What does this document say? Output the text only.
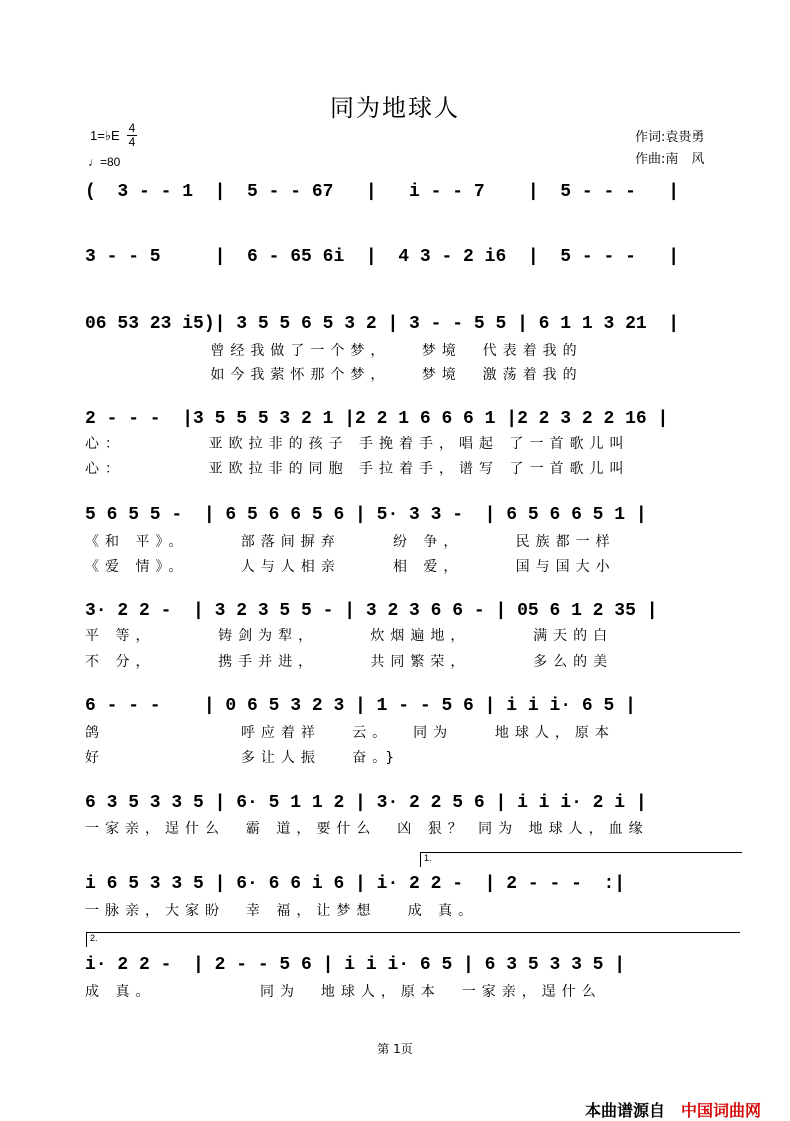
同为地球人
1=♭E 4
4
♩=80
作词:袁贵勇
作曲:南　风
(  3 - - 1  |  5 - - 67   |   i - - 7    |  5 - - -   |
3 - - 5     |  6 - 65 6i  |  4 3 - 2 i6  |  5 - - -   |
06 53 23 i5)| 3 5 5 6 5 3 2 | 3 - - 5 5 | 6 1 1 3 21  |
曾经我做了一个梦，   梦境  代表着我的
如今我萦怀那个梦，   梦境  激荡着我的
2 - - -  |3 5 5 5 3 2 1 |2 2 1 6 6 6 1 |2 2 3 2 2 16 |
心：        亚欧拉非的孩子 手挽着手，唱起 了一首歌儿叫
心：        亚欧拉非的同胞 手拉着手，谱写 了一首歌儿叫
5 6 5 5 -  | 6 5 6 6 5 6 | 5· 3 3 -  | 6 5 6 6 5 1 |
《和 平》。     部落间摒弃     纷 争，     民族都一样
《爱 情》。     人与人相亲     相 爱，     国与国大小
3· 2 2 -  | 3 2 3 5 5 - | 3 2 3 6 6 - | 05 6 1 2 35 |
平 等，      铸剑为犁，     炊烟遍地，      满天的白
不 分，      携手并进，     共同繁荣，      多么的美
6 - - -    | 0 6 5 3 2 3 | 1 - - 5 6 | i i i· 6 5 |
鸽             呼应着祥   云。  同为    地球人，原本
好             多让人振   奋。}
6 3 5 3 3 5 | 6· 5 1 1 2 | 3· 2 2 5 6 | i i i· 2 i |
一家亲，逞什么  霸 道，要什么  凶 狠？ 同为 地球人，血缘
1.
i 6 5 3 3 5 | 6· 6 6 i 6 | i· 2 2 -  | 2 - - -  :|
一脉亲，大家盼  幸 福，让梦想   成 真。
2.
i· 2 2 -  | 2 - - 5 6 | i i i· 6 5 | 6 3 5 3 3 5 |
成 真。          同为  地球人，原本  一家亲，逞什么
第 1页
本曲谱源自 中国词曲网
